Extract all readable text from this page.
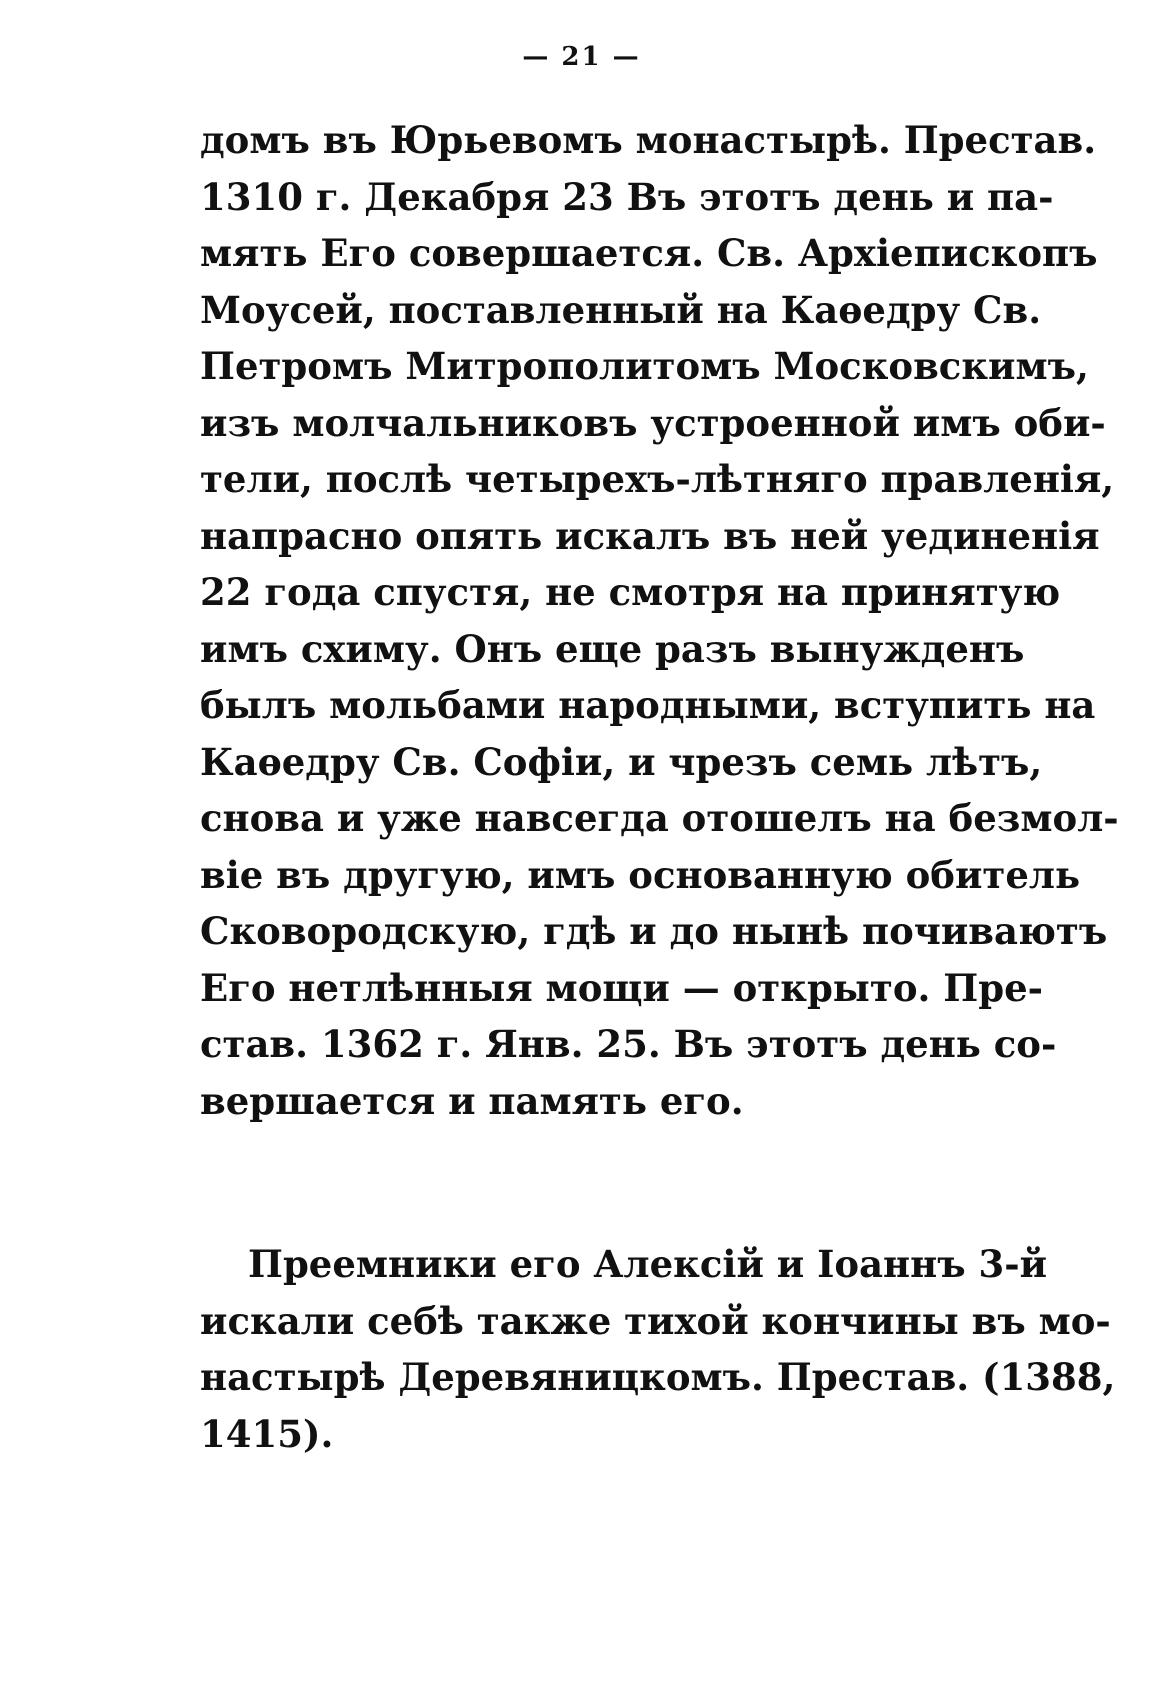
— 21 —
домъ въ Юрьевомъ монастырѣ. Престав.
1310 г. Декабря 23 Въ этотъ день и па-
мять Его совершается. Св. Архіепископъ
Моусей, поставленный на Каѳедру Св.
Петромъ Митрополитомъ Московскимъ,
изъ молчальниковъ устроенной имъ оби-
тели, послѣ четырехъ-лѣтняго правленія,
напрасно опять искалъ въ ней уединенія
22 года спустя, не смотря на принятую
имъ схиму. Онъ еще разъ вынужденъ
былъ мольбами народными, вступить на
Каѳедру Св. Софіи, и чрезъ семь лѣтъ,
снова и уже навсегда отошелъ на безмол-
віе въ другую, имъ основанную обитель
Сковородскую, гдѣ и до нынѣ почиваютъ
Его нетлѣнныя мощи — открыто. Пре-
став. 1362 г. Янв. 25. Въ этотъ день со-
вершается и память его.
Преемники его Алексій и Іоаннъ 3-й
искали себѣ также тихой кончины въ мо-
настырѣ Деревяницкомъ. Престав. (1388,
1415).
